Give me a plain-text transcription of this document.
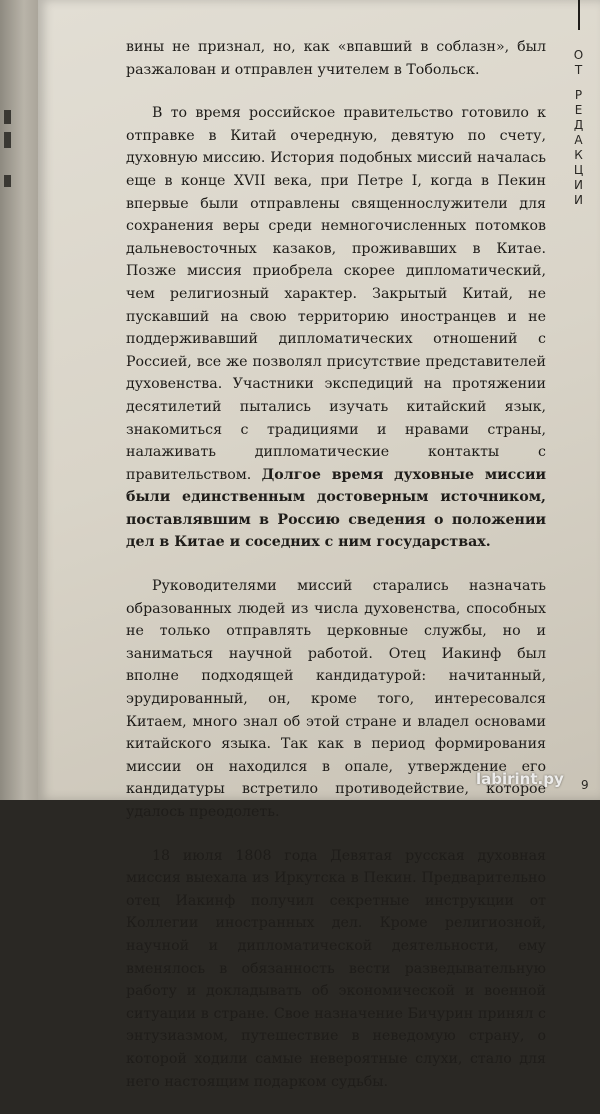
вины не признал, но, как «впавший в соблазн», был разжалован и отправлен учителем в Тобольск.

В то время российское правительство готовило к отправке в Китай очередную, девятую по счету, духовную миссию. История подобных миссий началась еще в конце XVII века, при Петре I, когда в Пекин впервые были отправлены священнослужители для сохранения веры среди немногочисленных потомков дальневосточных казаков, проживавших в Китае. Позже миссия приобрела скорее дипломатический, чем религиозный характер. Закрытый Китай, не пускавший на свою территорию иностранцев и не поддерживавший дипломатических отношений с Россией, все же позволял присутствие представителей духовенства. Участники экспедиций на протяжении десятилетий пытались изучать китайский язык, знакомиться с традициями и нравами страны, налаживать дипломатические контакты с правительством. Долгое время духовные миссии были единственным достоверным источником, поставлявшим в Россию сведения о положении дел в Китае и соседних с ним государствах.

Руководителями миссий старались назначать образованных людей из числа духовенства, способных не только отправлять церковные службы, но и заниматься научной работой. Отец Иакинф был вполне подходящей кандидатурой: начитанный, эрудированный, он, кроме того, интересовался Китаем, много знал об этой стране и владел основами китайского языка. Так как в период формирования миссии он находился в опале, утверждение его кандидатуры встретило противодействие, которое удалось преодолеть.

18 июля 1808 года Девятая русская духовная миссия выехала из Иркутска в Пекин. Предварительно отец Иакинф получил секретные инструкции от Коллегии иностранных дел. Кроме религиозной, научной и дипломатической деятельности, ему вменялось в обязанность вести разведывательную работу и докладывать об экономической и военной ситуации в стране. Свое назначение Бичурин принял с энтузиазмом, путешествие в неведомую страну, о которой ходили самые невероятные слухи, стало для него настоящим подарком судьбы.

О
Т
Р
Е
Д
А
К
Ц
И
И
9
labirint.ру
